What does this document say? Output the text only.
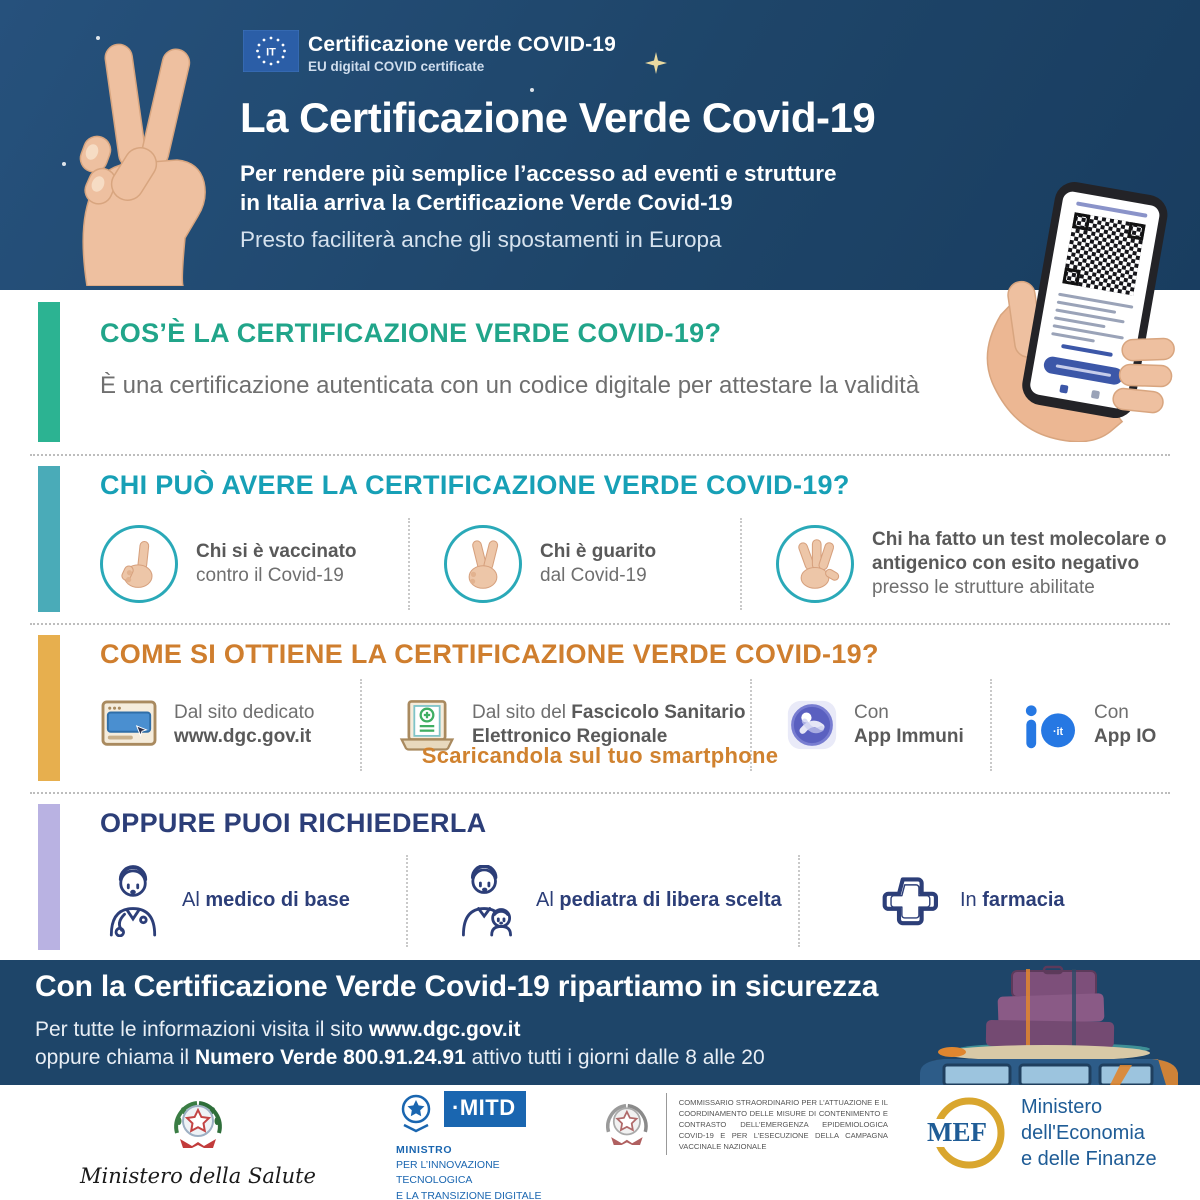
IT Certificazione verde COVID-19
EU digital COVID certificate
La Certificazione Verde Covid-19
Per rendere più semplice l’accesso ad eventi e strutture
in Italia arriva la Certificazione Verde Covid-19
Presto faciliterà anche gli spostamenti in Europa
COS’È LA CERTIFICAZIONE VERDE COVID-19?
È una certificazione autenticata con un codice digitale per attestare la validità
CHI PUÒ AVERE LA CERTIFICAZIONE VERDE COVID-19?
Chi si è vaccinato
contro il Covid-19
Chi è guarito
dal Covid-19
Chi ha fatto un test molecolare o antigenico con esito negativo
presso le strutture abilitate
COME SI OTTIENE LA CERTIFICAZIONE VERDE COVID-19?
Dal sito dedicato
www.dgc.gov.it
Dal sito del Fascicolo Sanitario Elettronico Regionale
Con
App Immuni	·it
Con
App IO
Scaricandola sul tuo smartphone
OPPURE PUOI RICHIEDERLA
Al medico di base	Al pediatra di libera scelta	In farmacia
Con la Certificazione Verde Covid-19 ripartiamo in sicurezza
Per tutte le informazioni visita il sito www.dgc.gov.it
oppure chiama il Numero Verde 800.91.24.91 attivo tutti i giorni dalle 8 alle 20
Ministero della Salute
·MITD
MINISTRO
PER L’INNOVAZIONE
TECNOLOGICA
E LA TRANSIZIONE DIGITALE
COMMISSARIO STRAORDINARIO PER L’ATTUAZIONE E IL COORDINAMENTO DELLE MISURE DI CONTENIMENTO E CONTRASTO DELL’EMERGENZA EPIDEMIOLOGICA COVID-19 E PER L’ESECUZIONE DELLA CAMPAGNA VACCINALE NAZIONALE	MEF
Ministero
dell'Economia
e delle Finanze
